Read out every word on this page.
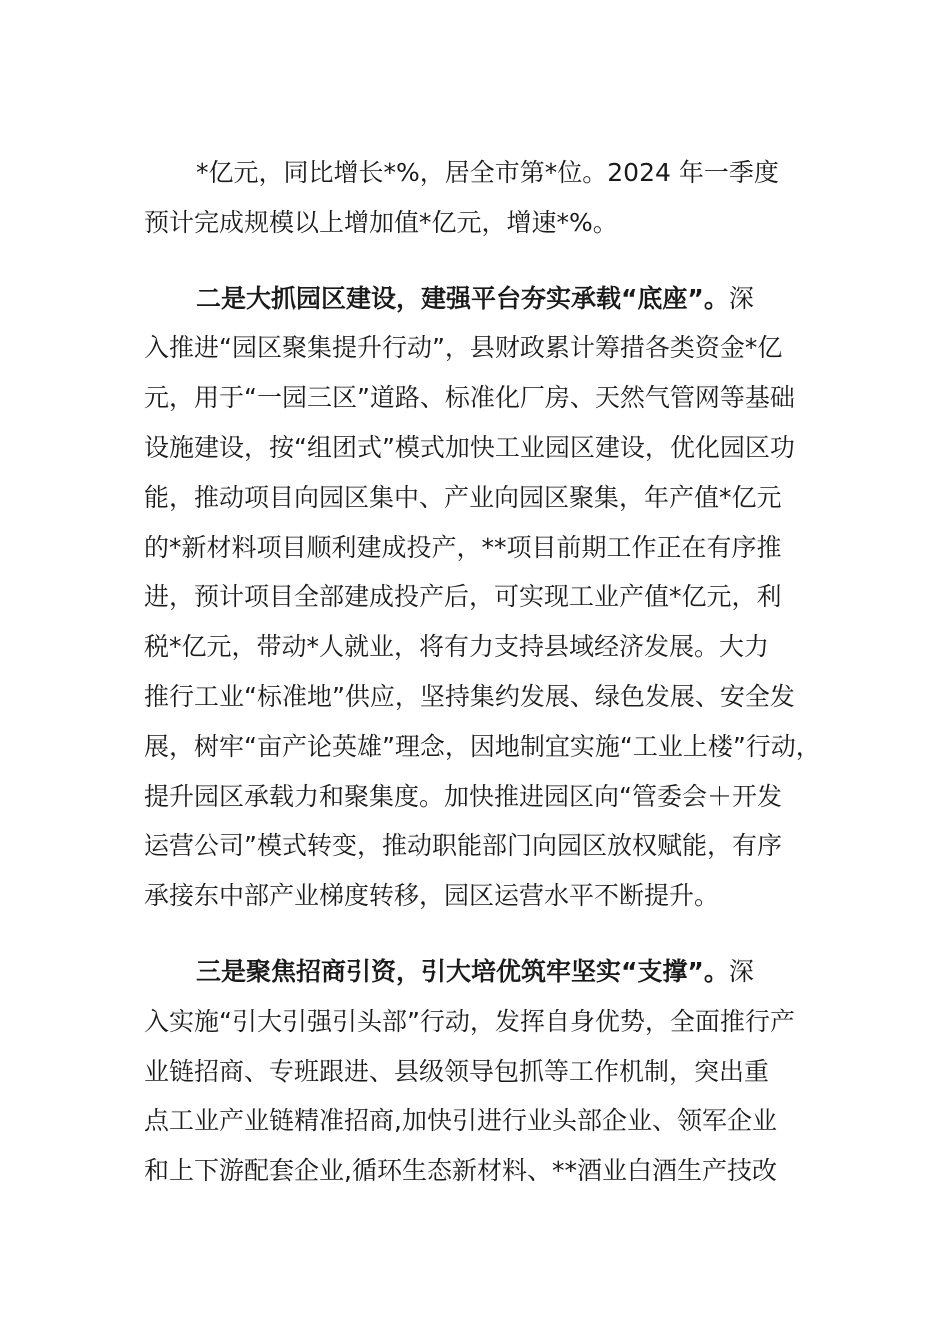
*亿元，同比增长*%，居全市第*位。2024 年一季度
预计完成规模以上增加值*亿元，增速*%。
二是大抓园区建设，建强平台夯实承载“底座”。深
入推进“园区聚集提升行动”，县财政累计筹措各类资金*亿
元，用于“一园三区”道路、标准化厂房、天然气管网等基础
设施建设，按“组团式”模式加快工业园区建设，优化园区功
能，推动项目向园区集中、产业向园区聚集，年产值*亿元
的*新材料项目顺利建成投产，**项目前期工作正在有序推
进，预计项目全部建成投产后，可实现工业产值*亿元，利
税*亿元，带动*人就业，将有力支持县域经济发展。大力
推行工业“标准地”供应，坚持集约发展、绿色发展、安全发
展，树牢“亩产论英雄”理念，因地制宜实施“工业上楼”行动，
提升园区承载力和聚集度。加快推进园区向“管委会＋开发
运营公司”模式转变，推动职能部门向园区放权赋能，有序
承接东中部产业梯度转移，园区运营水平不断提升。
三是聚焦招商引资，引大培优筑牢坚实“支撑”。深
入实施“引大引强引头部”行动，发挥自身优势，全面推行产
业链招商、专班跟进、县级领导包抓等工作机制，突出重
点工业产业链精准招商,加快引进行业头部企业、领军企业
和上下游配套企业,循环生态新材料、**酒业白酒生产技改
